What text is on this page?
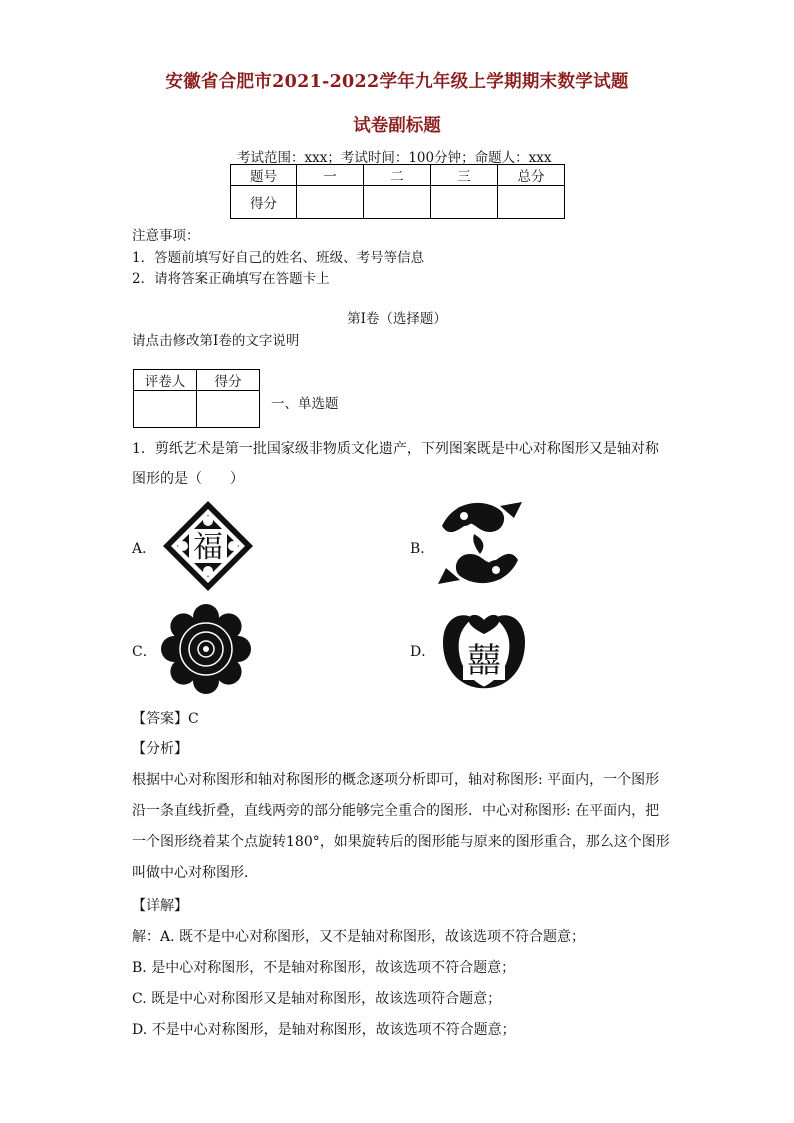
安徽省合肥市2021-2022学年九年级上学期期末数学试题
试卷副标题
考试范围：xxx；考试时间：100分钟；命题人：xxx
题号	一	二	三	总分
得分				
注意事项：
1．答题前填写好自己的姓名、班级、考号等信息
2．请将答案正确填写在答题卡上
第I卷（选择题）
请点击修改第I卷的文字说明
评卷人	得分

一、单选题
1．剪纸艺术是第一批国家级非物质文化遗产，下列图案既是中心对称图形又是轴对称
图形的是（　　）
A． 福	B．
C．	D． 囍
【答案】C
【分析】
根据中心对称图形和轴对称图形的概念逐项分析即可，轴对称图形: 平面内，一个图形
沿一条直线折叠，直线两旁的部分能够完全重合的图形．中心对称图形: 在平面内，把
一个图形绕着某个点旋转180°，如果旋转后的图形能与原来的图形重合，那么这个图形
叫做中心对称图形．
【详解】
解：A. 既不是中心对称图形，又不是轴对称图形，故该选项不符合题意；
B. 是中心对称图形，不是轴对称图形，故该选项不符合题意；
C. 既是中心对称图形又是轴对称图形，故该选项符合题意；
D. 不是中心对称图形，是轴对称图形，故该选项不符合题意；
